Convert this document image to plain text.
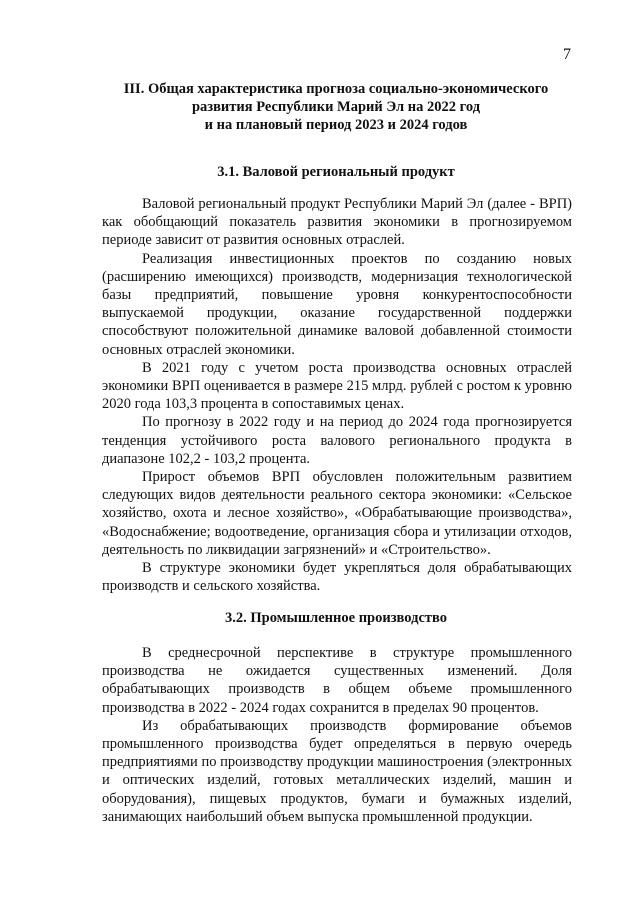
7
III. Общая характеристика прогноза социально-экономического
развития Республики Марий Эл на 2022 год
и на плановый период 2023 и 2024 годов
3.1. Валовой региональный продукт

Валовой региональный продукт Республики Марий Эл (далее - ВРП) как обобщающий показатель развития экономики в прогнозируемом периоде зависит от развития основных отраслей.

Реализация инвестиционных проектов по созданию новых (расширению имеющихся) производств, модернизация технологической базы предприятий, повышение уровня конкурентоспособности выпускаемой продукции, оказание государственной поддержки способствуют положительной динамике валовой добавленной стоимости основных отраслей экономики.

В 2021 году с учетом роста производства основных отраслей экономики ВРП оценивается в размере 215 млрд. рублей с ростом к уровню 2020 года 103,3 процента в сопоставимых ценах.

По прогнозу в 2022 году и на период до 2024 года прогнозируется тенденция устойчивого роста валового регионального продукта в диапазоне 102,2 - 103,2 процента.

Прирост объемов ВРП обусловлен положительным развитием следующих видов деятельности реального сектора экономики: «Сельское хозяйство, охота и лесное хозяйство», «Обрабатывающие производства», «Водоснабжение; водоотведение, организация сбора и утилизации отходов, деятельность по ликвидации загрязнений» и «Строительство».

В структуре экономики будет укрепляться доля обрабатывающих производств и сельского хозяйства.

3.2. Промышленное производство

В среднесрочной перспективе в структуре промышленного производства не ожидается существенных изменений. Доля обрабатывающих производств в общем объеме промышленного производства в 2022 - 2024 годах сохранится в пределах 90 процентов.

Из обрабатывающих производств формирование объемов промышленного производства будет определяться в первую очередь предприятиями по производству продукции машиностроения (электронных и оптических изделий, готовых металлических изделий, машин и оборудования), пищевых продуктов, бумаги и бумажных изделий, занимающих наибольший объем выпуска промышленной продукции.
